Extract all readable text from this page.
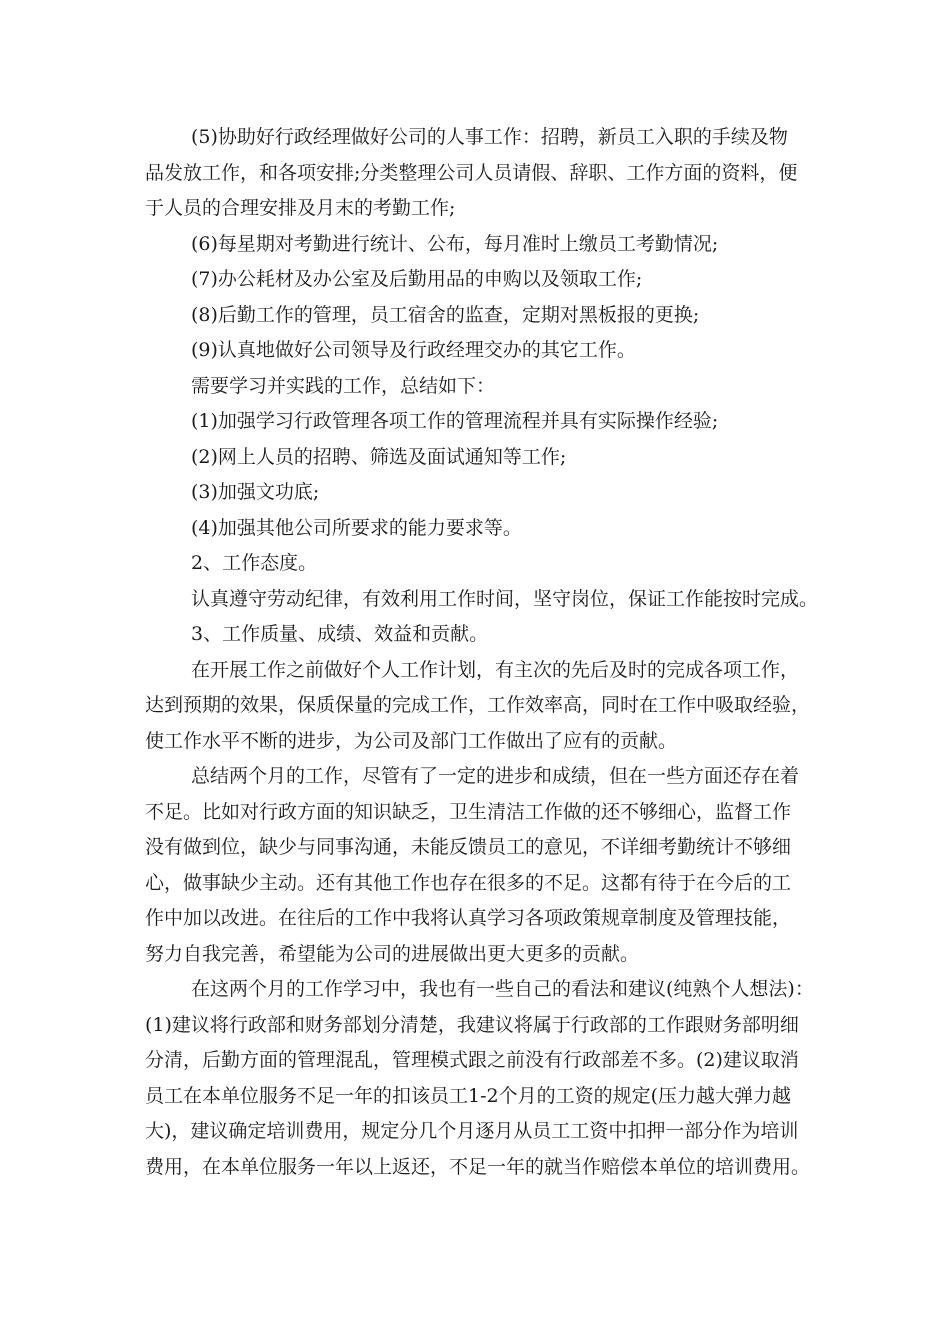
(5)协助好行政经理做好公司的人事工作：招聘，新员工入职的手续及物
品发放工作，和各项安排;分类整理公司人员请假、辞职、工作方面的资料，便
于人员的合理安排及月末的考勤工作;
(6)每星期对考勤进行统计、公布，每月准时上缴员工考勤情况;
(7)办公耗材及办公室及后勤用品的申购以及领取工作;
(8)后勤工作的管理，员工宿舍的监查，定期对黑板报的更换;
(9)认真地做好公司领导及行政经理交办的其它工作。
需要学习并实践的工作，总结如下：
(1)加强学习行政管理各项工作的管理流程并具有实际操作经验;
(2)网上人员的招聘、筛选及面试通知等工作;
(3)加强文功底;
(4)加强其他公司所要求的能力要求等。
2、工作态度。
认真遵守劳动纪律，有效利用工作时间，坚守岗位，保证工作能按时完成。
3、工作质量、成绩、效益和贡献。
在开展工作之前做好个人工作计划，有主次的先后及时的完成各项工作，
达到预期的效果，保质保量的完成工作，工作效率高，同时在工作中吸取经验，
使工作水平不断的进步，为公司及部门工作做出了应有的贡献。
总结两个月的工作，尽管有了一定的进步和成绩，但在一些方面还存在着
不足。比如对行政方面的知识缺乏，卫生清洁工作做的还不够细心，监督工作
没有做到位，缺少与同事沟通，未能反馈员工的意见，不详细考勤统计不够细
心，做事缺少主动。还有其他工作也存在很多的不足。这都有待于在今后的工
作中加以改进。在往后的工作中我将认真学习各项政策规章制度及管理技能，
努力自我完善，希望能为公司的进展做出更大更多的贡献。
在这两个月的工作学习中，我也有一些自己的看法和建议(纯熟个人想法)：
(1)建议将行政部和财务部划分清楚，我建议将属于行政部的工作跟财务部明细
分清，后勤方面的管理混乱，管理模式跟之前没有行政部差不多。(2)建议取消
员工在本单位服务不足一年的扣该员工1-2个月的工资的规定(压力越大弹力越
大)，建议确定培训费用，规定分几个月逐月从员工工资中扣押一部分作为培训
费用，在本单位服务一年以上返还，不足一年的就当作赔偿本单位的培训费用。
